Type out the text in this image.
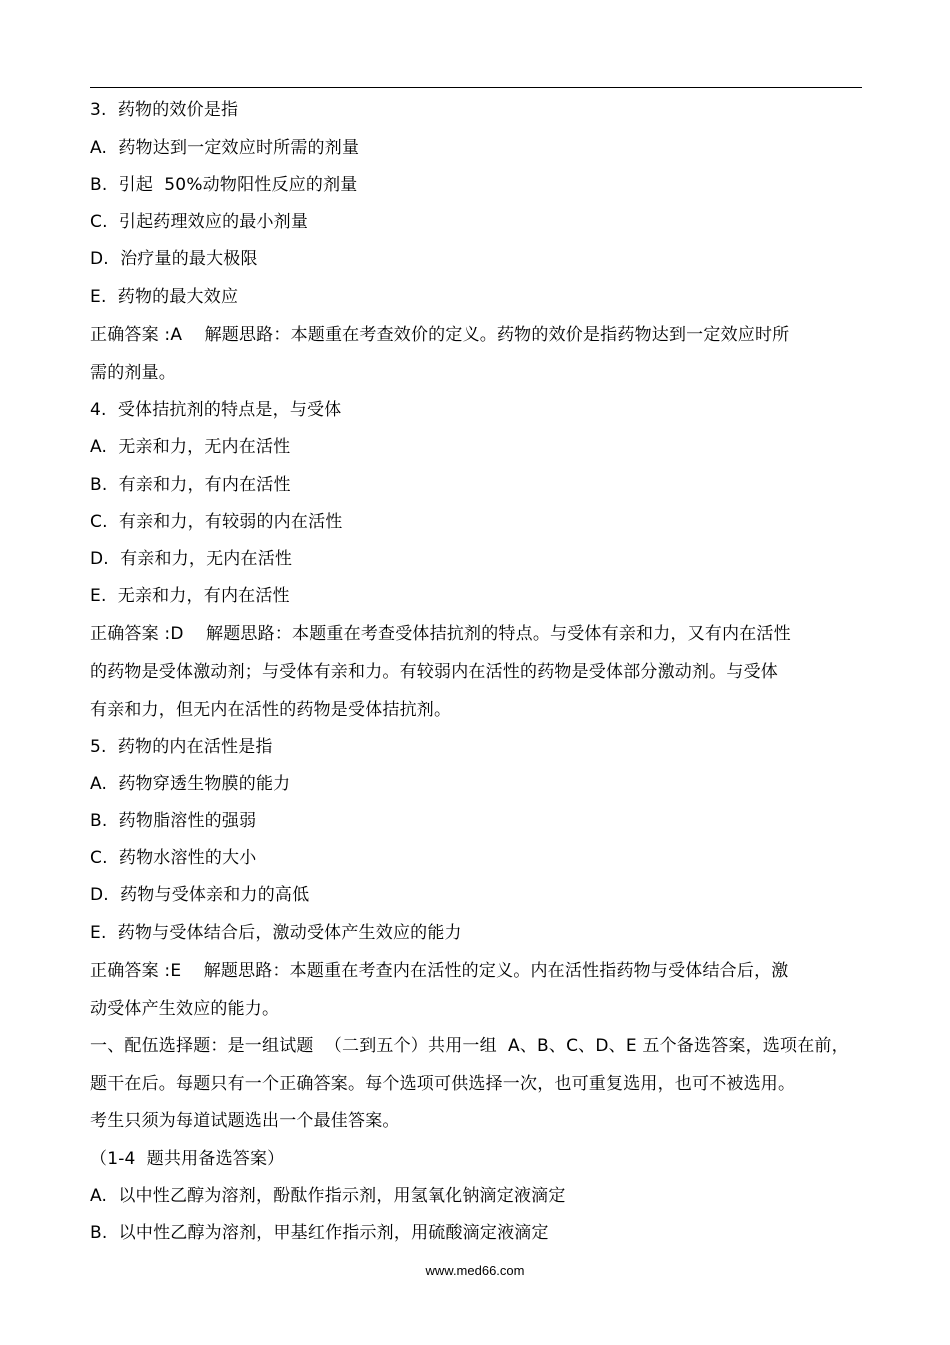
3.  药物的效价是指
A.  药物达到一定效应时所需的剂量
B.  引起  50%动物阳性反应的剂量
C.  引起药理效应的最小剂量
D.  治疗量的最大极限
E.  药物的最大效应
正确答案 :A    解题思路：本题重在考查效价的定义。药物的效价是指药物达到一定效应时所
需的剂量。
4.  受体拮抗剂的特点是，与受体
A.  无亲和力，无内在活性
B.  有亲和力，有内在活性
C.  有亲和力，有较弱的内在活性
D.  有亲和力，无内在活性
E.  无亲和力，有内在活性
正确答案 :D    解题思路：本题重在考查受体拮抗剂的特点。与受体有亲和力，又有内在活性
的药物是受体激动剂；与受体有亲和力。有较弱内在活性的药物是受体部分激动剂。与受体
有亲和力，但无内在活性的药物是受体拮抗剂。
5.  药物的内在活性是指
A.  药物穿透生物膜的能力
B.  药物脂溶性的强弱
C.  药物水溶性的大小
D.  药物与受体亲和力的高低
E.  药物与受体结合后，激动受体产生效应的能力
正确答案 :E    解题思路：本题重在考查内在活性的定义。内在活性指药物与受体结合后，激
动受体产生效应的能力。
一、配伍选择题：是一组试题  （二到五个）共用一组  A、B、C、D、E 五个备选答案，选项在前，
题干在后。每题只有一个正确答案。每个选项可供选择一次，也可重复选用，也可不被选用。
考生只须为每道试题选出一个最佳答案。
（1-4  题共用备选答案）
A.  以中性乙醇为溶剂，酚酞作指示剂，用氢氧化钠滴定液滴定
B.  以中性乙醇为溶剂，甲基红作指示剂，用硫酸滴定液滴定
www.med66.com
